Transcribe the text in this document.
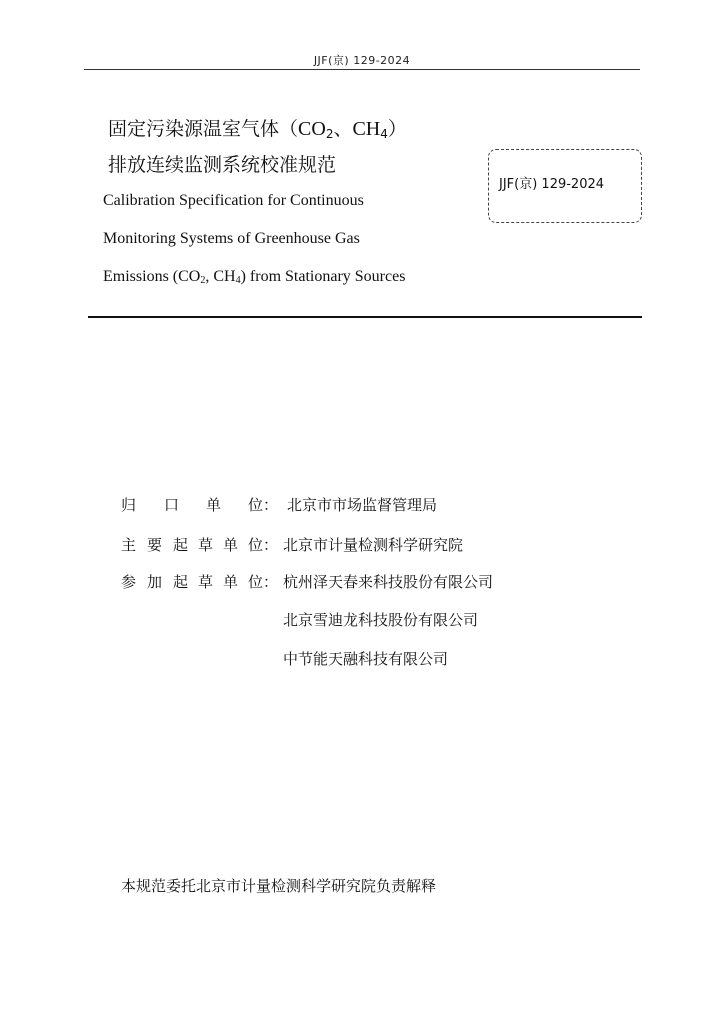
JJF(京) 129-2024
固定污染源温室气体（$CO_2$、$CH_4$）
排放连续监测系统校准规范
Calibration Specification for Continuous
Monitoring Systems of Greenhouse Gas
Emissions ($CO_2$, $CH_4$) from Stationary Sources
JJF(京) 129-2024
归 口 单 位： 北京市市场监督管理局
主 要 起 草 单 位： 北京市计量检测科学研究院
参 加 起 草 单 位： 杭州泽天春来科技股份有限公司
北京雪迪龙科技股份有限公司
中节能天融科技有限公司
本规范委托北京市计量检测科学研究院负责解释
